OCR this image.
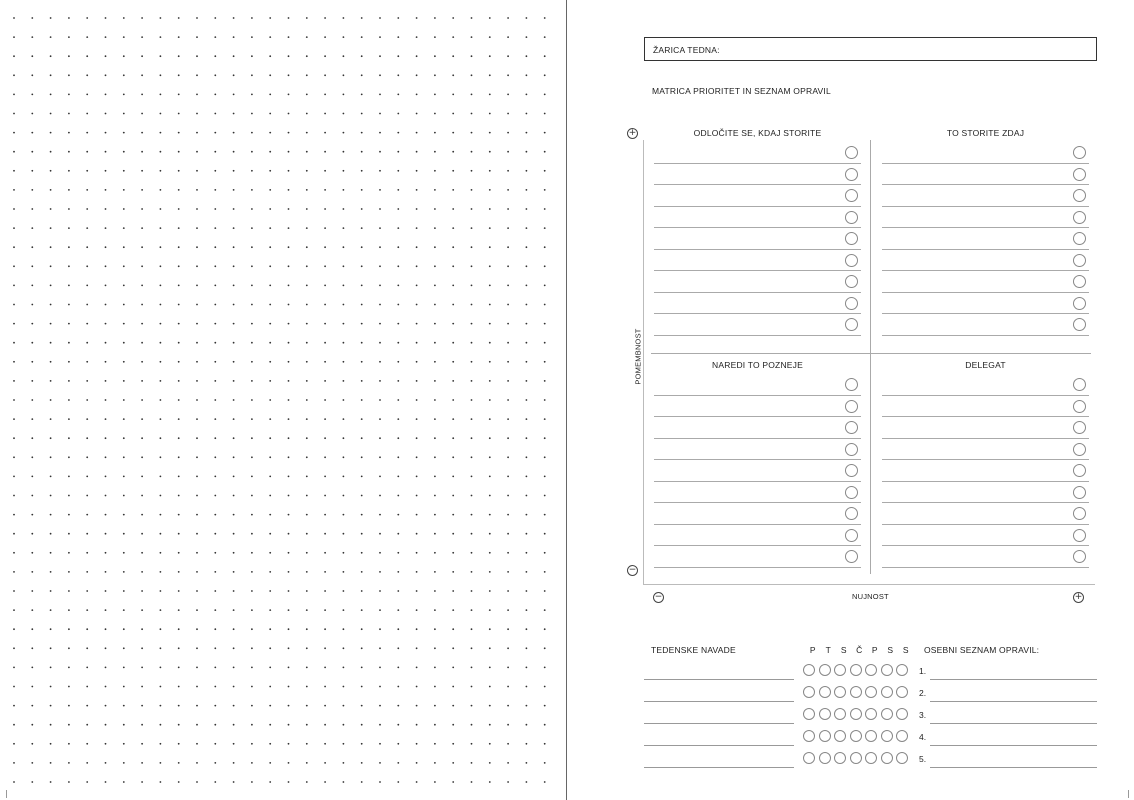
ŽARICA TEDNA:
MATRICA PRIORITET IN SEZNAM OPRAVIL
+
−
−	+
POMEMBNOST
NUJNOST
ODLOČITE SE, KDAJ STORITE	TO STORITE ZDAJ
NAREDI TO POZNEJE	DELEGAT
TEDENSKE NAVADE	P	T	S	Č	P	S	S	OSEBNI SEZNAM OPRAVIL:
1.
2.
3.
4.
5.
